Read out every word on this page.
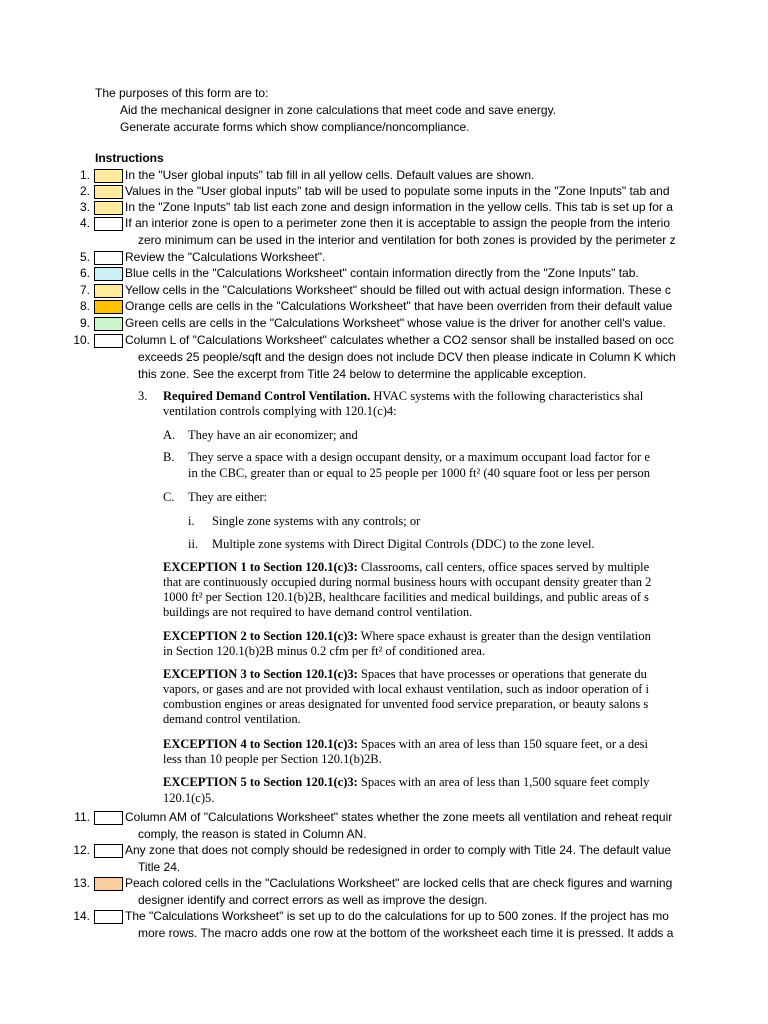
The purposes of this form are to:
Aid the mechanical designer in zone calculations that meet code and save energy.
Generate accurate forms which show compliance/noncompliance.
Instructions
1.	In the "User global inputs" tab fill in all yellow cells. Default values are shown.
2.	Values in the "User global inputs" tab will be used to populate some inputs in the "Zone Inputs" tab and
3.	In the "Zone Inputs" tab list each zone and design information in the yellow cells. This tab is set up for a
4.	If an interior zone is open to a perimeter zone then it is acceptable to assign the people from the interio
zero minimum can be used in the interior and ventilation for both zones is provided by the perimeter z
5.	Review the "Calculations Worksheet".
6.	Blue cells in the "Calculations Worksheet" contain information directly from the "Zone Inputs" tab.
7.	Yellow cells in the "Calculations Worksheet" should be filled out with actual design information. These c
8.	Orange cells are cells in the "Calculations Worksheet" that have been overriden from their default value
9.	Green cells are cells in the "Calculations Worksheet" whose value is the driver for another cell's value.
10.	Column L of "Calculations Worksheet" calculates whether a CO2 sensor shall be installed based on occ
exceeds 25 people/sqft and the design does not include DCV then please indicate in Column K which
this zone. See the excerpt from Title 24 below to determine the applicable exception.
11.	Column AM of "Calculations Worksheet" states whether the zone meets all ventilation and reheat requir
comply, the reason is stated in Column AN.
12.	Any zone that does not comply should be redesigned in order to comply with Title 24. The default value
Title 24.
13.	Peach colored cells in the "Caclulations Worksheet" are locked cells that are check figures and warning
designer identify and correct errors as well as improve the design.
14.	The "Calculations Worksheet" is set up to do the calculations for up to 500 zones. If the project has mo
more rows. The macro adds one row at the bottom of the worksheet each time it is pressed. It adds a
3. Required Demand Control Ventilation. HVAC systems with the following characteristics shal
ventilation controls complying with 120.1(c)4:
A. They have an air economizer; and
B. They serve a space with a design occupant density, or a maximum occupant load factor for e
in the CBC, greater than or equal to 25 people per 1000 ft² (40 square foot or less per person
C. They are either:
i. Single zone systems with any controls; or
ii. Multiple zone systems with Direct Digital Controls (DDC) to the zone level.
EXCEPTION 1 to Section 120.1(c)3: Classrooms, call centers, office spaces served by multiple
that are continuously occupied during normal business hours with occupant density greater than 2
1000 ft² per Section 120.1(b)2B, healthcare facilities and medical buildings, and public areas of s
buildings are not required to have demand control ventilation.
EXCEPTION 2 to Section 120.1(c)3: Where space exhaust is greater than the design ventilation
in Section 120.1(b)2B minus 0.2 cfm per ft² of conditioned area.
EXCEPTION 3 to Section 120.1(c)3: Spaces that have processes or operations that generate du
vapors, or gases and are not provided with local exhaust ventilation, such as indoor operation of i
combustion engines or areas designated for unvented food service preparation, or beauty salons s
demand control ventilation.
EXCEPTION 4 to Section 120.1(c)3: Spaces with an area of less than 150 square feet, or a desi
less than 10 people per Section 120.1(b)2B.
EXCEPTION 5 to Section 120.1(c)3: Spaces with an area of less than 1,500 square feet comply
120.1(c)5.
